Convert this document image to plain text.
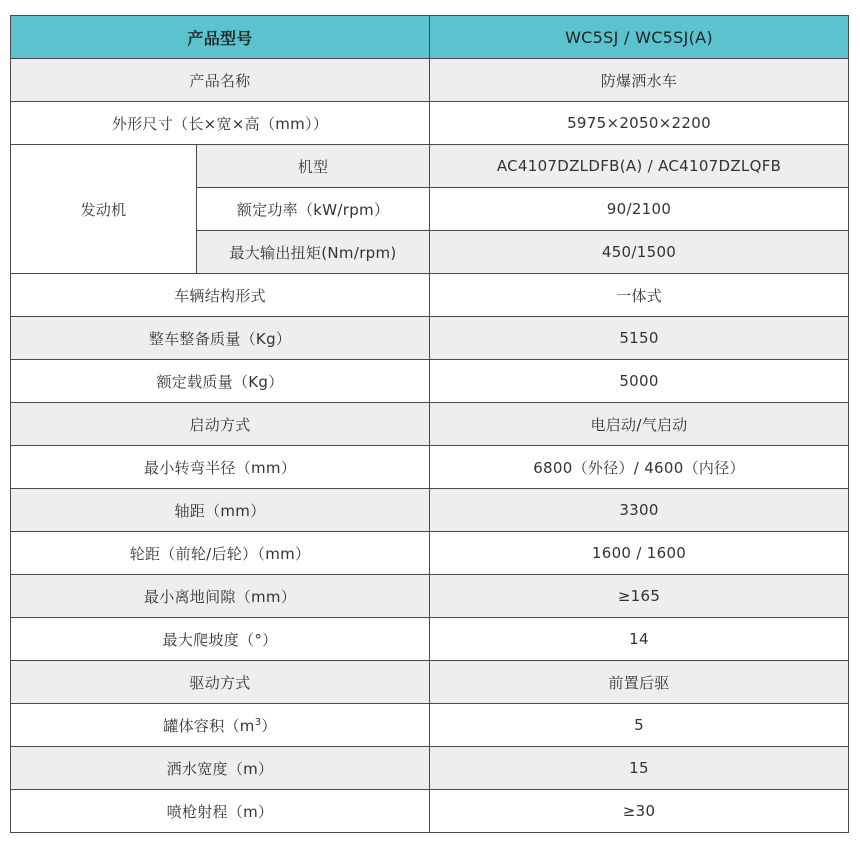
产品型号		WC5SJ / WC5SJ(A)
产品名称		防爆洒水车
外形尺寸（长×宽×高（mm））		5975×2050×2200
发动机	机型	AC4107DZLDFB(A) / AC4107DZLQFB
	额定功率（kW/rpm）	90/2100
	最大输出扭矩(Nm/rpm)	450/1500
车辆结构形式		一体式
整车整备质量（Kg）		5150
额定载质量（Kg）		5000
启动方式		电启动/气启动
最小转弯半径（mm）		6800（外径）/ 4600（内径）
轴距（mm）		3300
轮距（前轮/后轮）（mm）		1600 / 1600
最小离地间隙（mm）		≥165
最大爬坡度（°）		14
驱动方式		前置后驱
罐体容积$(m^3)$		5
洒水宽度（m）		15
喷枪射程（m）		≥30
